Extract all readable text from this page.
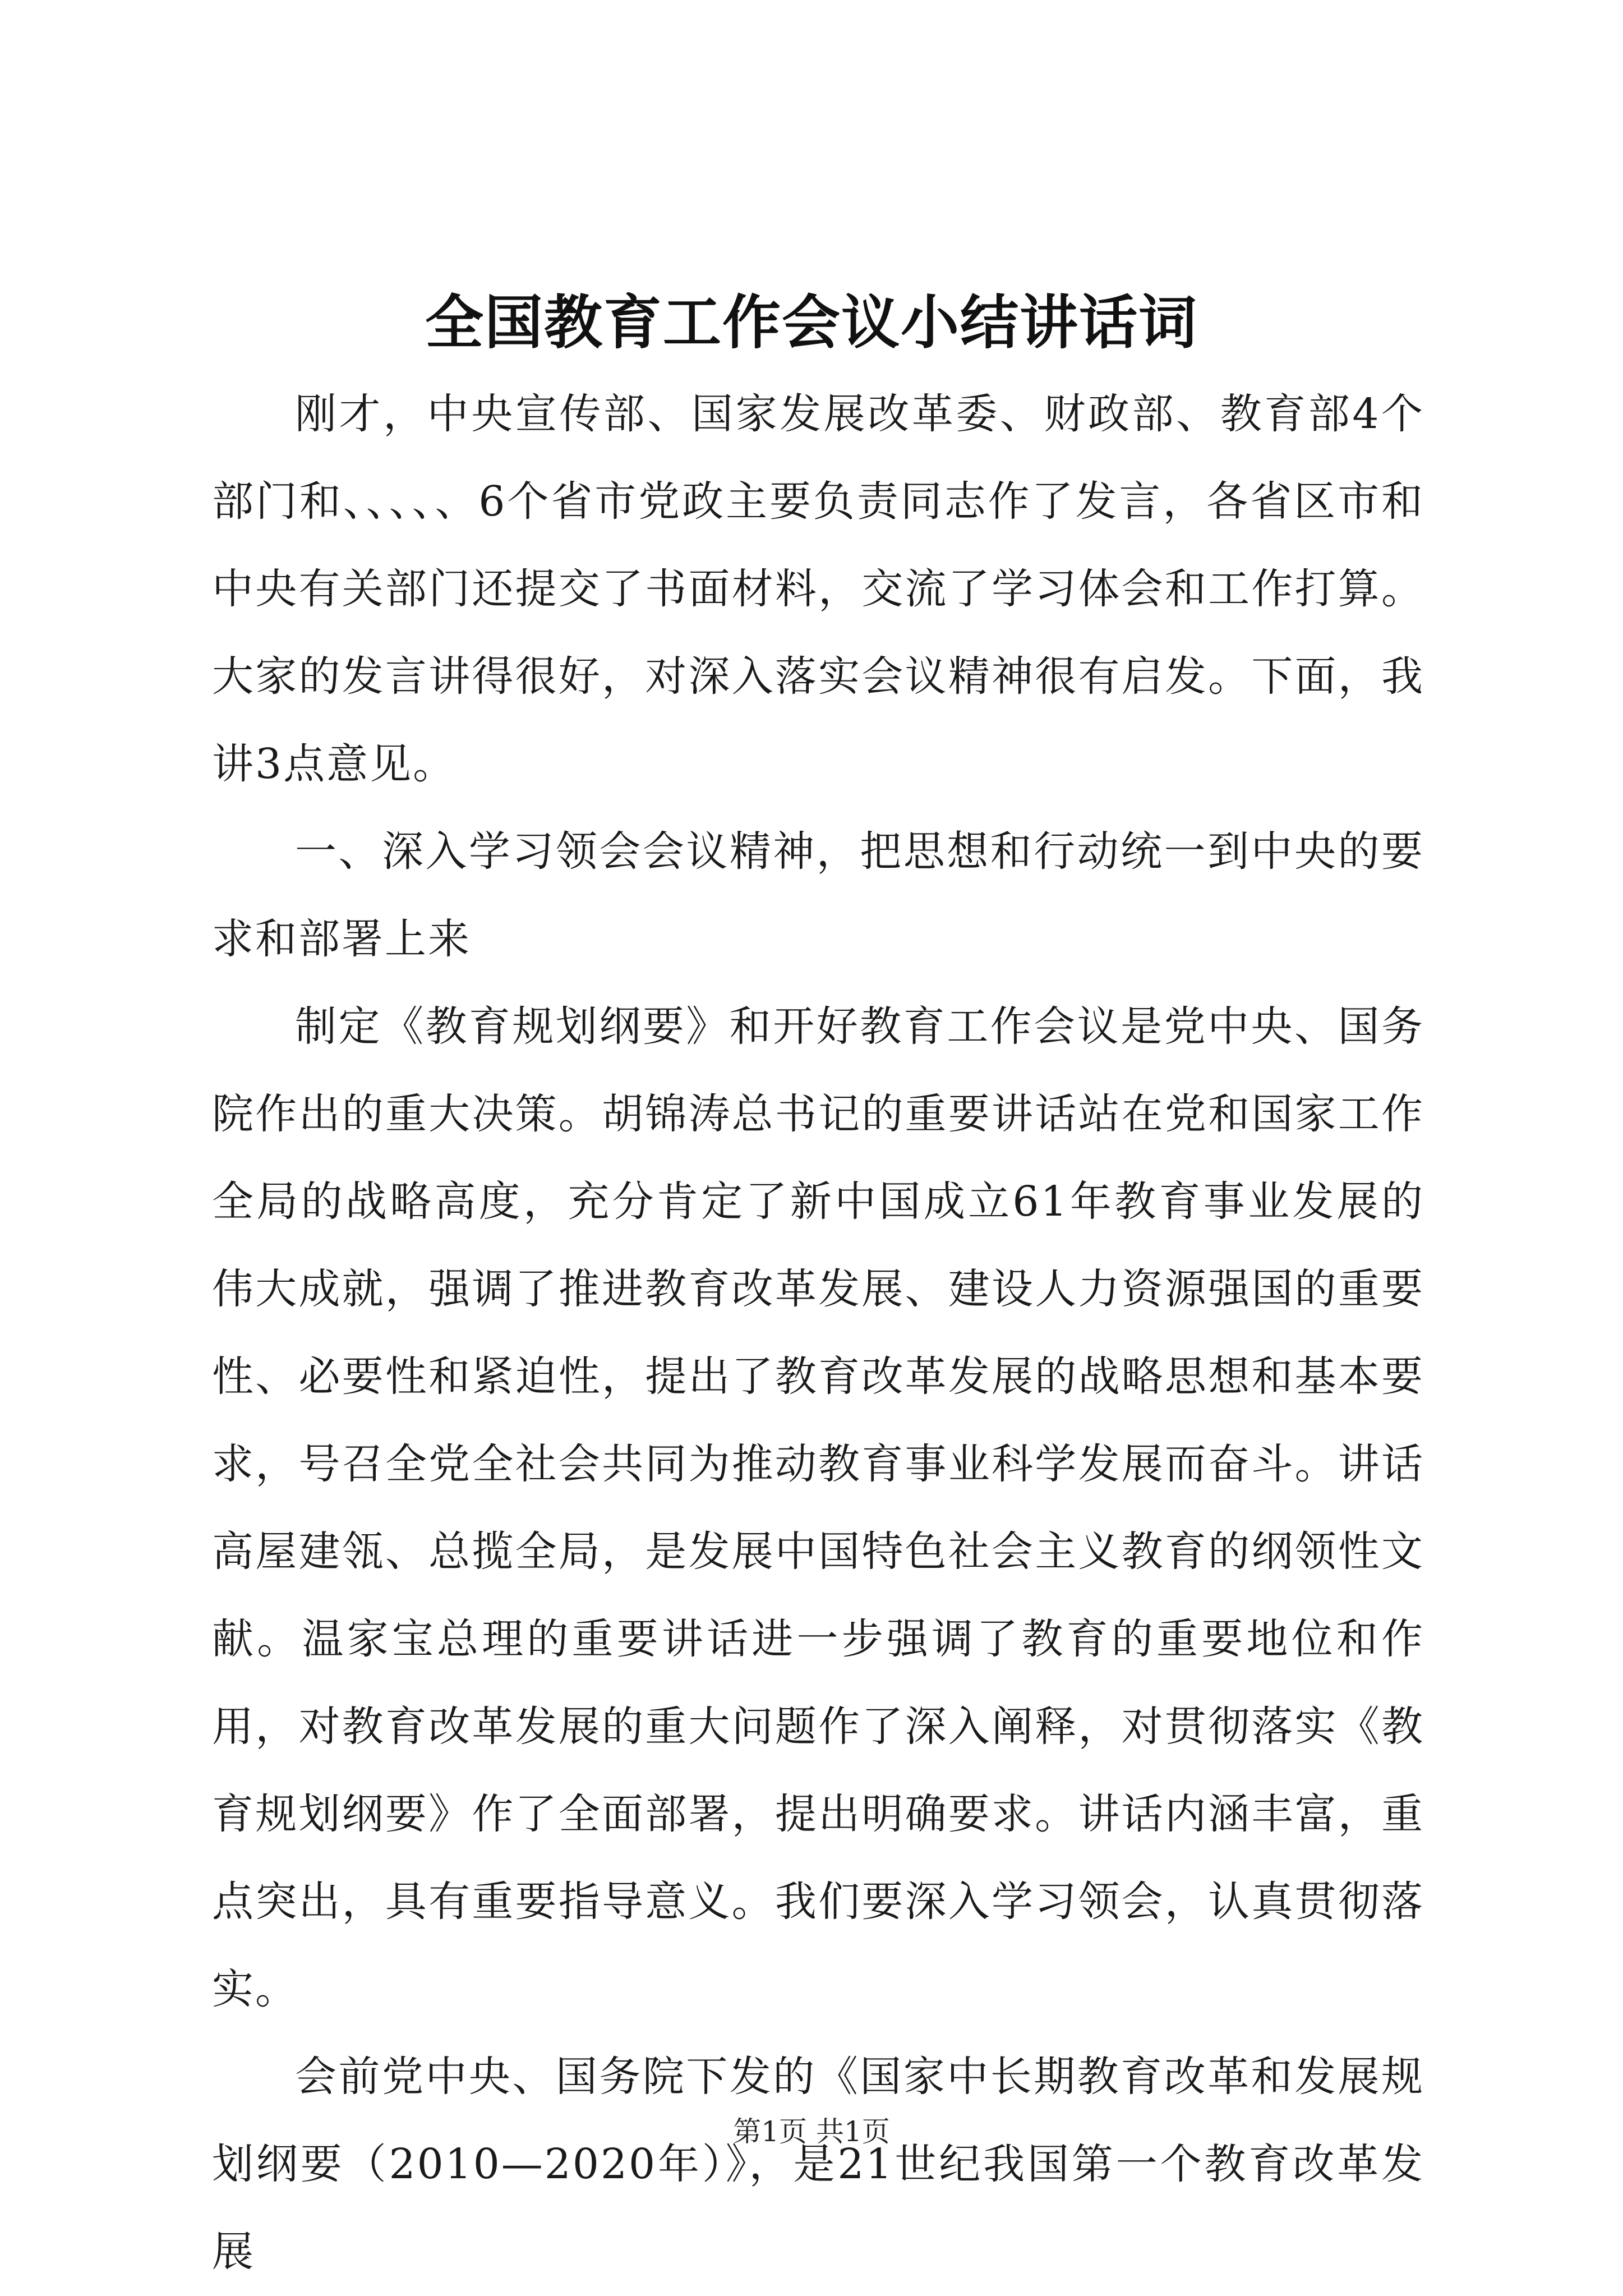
全国教育工作会议小结讲话词

刚才，中央宣传部、国家发展改革委、财政部、教育部4个部门和、、、、、6个省市党政主要负责同志作了发言，各省区市和中央有关部门还提交了书面材料，交流了学习体会和工作打算。大家的发言讲得很好，对深入落实会议精神很有启发。下面，我讲3点意见。

一、深入学习领会会议精神，把思想和行动统一到中央的要求和部署上来

制定《教育规划纲要》和开好教育工作会议是党中央、国务院作出的重大决策。胡锦涛总书记的重要讲话站在党和国家工作全局的战略高度，充分肯定了新中国成立61年教育事业发展的伟大成就，强调了推进教育改革发展、建设人力资源强国的重要性、必要性和紧迫性，提出了教育改革发展的战略思想和基本要求，号召全党全社会共同为推动教育事业科学发展而奋斗。讲话高屋建瓴、总揽全局，是发展中国特色社会主义教育的纲领性文献。温家宝总理的重要讲话进一步强调了教育的重要地位和作用，对教育改革发展的重大问题作了深入阐释，对贯彻落实《教育规划纲要》作了全面部署，提出明确要求。讲话内涵丰富，重点突出，具有重要指导意义。我们要深入学习领会，认真贯彻落实。

会前党中央、国务院下发的《国家中长期教育改革和发展规划纲要（2010—2020年）》，是21世纪我国第一个教育改革发展

第1页 共1页
